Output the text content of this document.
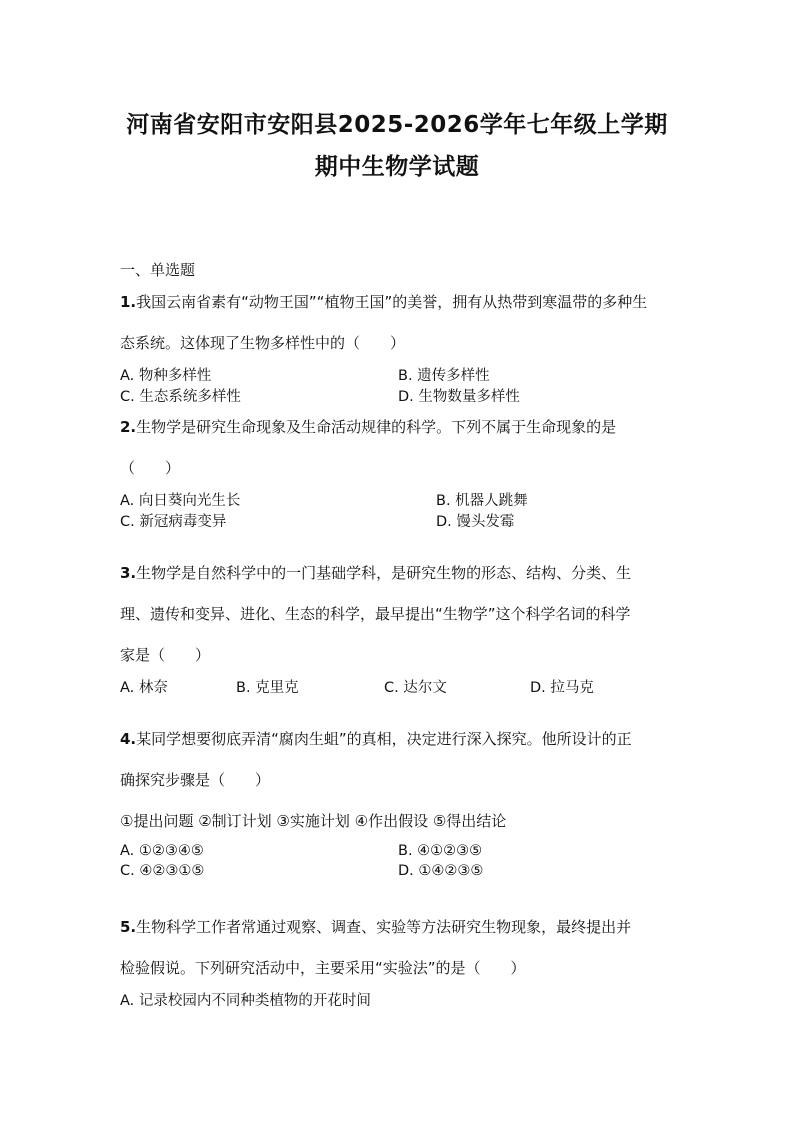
河南省安阳市安阳县2025-2026学年七年级上学期
期中生物学试题
一、单选题
1.我国云南省素有“动物王国”“植物王国”的美誉，拥有从热带到寒温带的多种生
态系统。这体现了生物多样性中的（　　）
A. 物种多样性	B. 遗传多样性
C. 生态系统多样性	D. 生物数量多样性
2.生物学是研究生命现象及生命活动规律的科学。下列不属于生命现象的是
（　　）
A. 向日葵向光生长	B. 机器人跳舞
C. 新冠病毒变异	D. 馒头发霉
3.生物学是自然科学中的一门基础学科，是研究生物的形态、结构、分类、生
理、遗传和变异、进化、生态的科学，最早提出“生物学”这个科学名词的科学
家是（　　）
A. 林奈	B. 克里克	C. 达尔文	D. 拉马克
4.某同学想要彻底弄清“腐肉生蛆”的真相，决定进行深入探究。他所设计的正
确探究步骤是（　　）
①提出问题 ②制订计划 ③实施计划 ④作出假设 ⑤得出结论
A. ①②③④⑤	B. ④①②③⑤
C. ④②③①⑤	D. ①④②③⑤
5.生物科学工作者常通过观察、调查、实验等方法研究生物现象，最终提出并
检验假说。下列研究活动中，主要采用“实验法”的是（　　）
A. 记录校园内不同种类植物的开花时间
